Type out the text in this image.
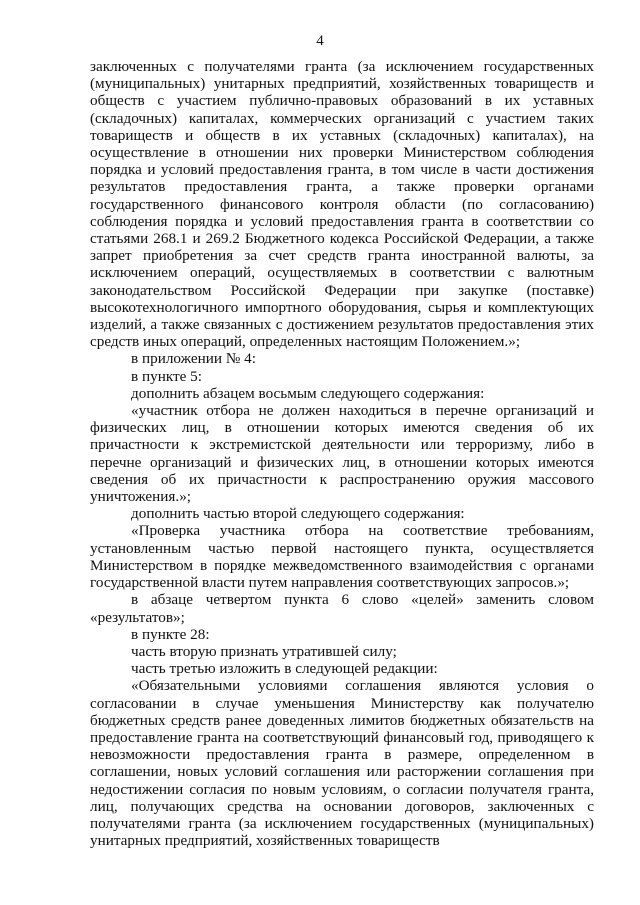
4

заключенных с получателями гранта (за исключением государственных (муниципальных) унитарных предприятий, хозяйственных товариществ и обществ с участием публично-правовых образований в их уставных (складочных) капиталах, коммерческих организаций с участием таких товариществ и обществ в их уставных (складочных) капиталах), на осуществление в отношении них проверки Министерством соблюдения порядка и условий предоставления гранта, в том числе в части достижения результатов предоставления гранта, а также проверки органами государственного финансового контроля области (по согласованию) соблюдения порядка и условий предоставления гранта в соответствии со статьями 268.1 и 269.2 Бюджетного кодекса Российской Федерации, а также запрет приобретения за счет средств гранта иностранной валюты, за исключением операций, осуществляемых в соответствии с валютным законодательством Российской Федерации при закупке (поставке) высокотехнологичного импортного оборудования, сырья и комплектующих изделий, а также связанных с достижением результатов предоставления этих средств иных операций, определенных настоящим Положением.»;

в приложении № 4:

в пункте 5:

дополнить абзацем восьмым следующего содержания:

«участник отбора не должен находиться в перечне организаций и физических лиц, в отношении которых имеются сведения об их причастности к экстремистской деятельности или терроризму, либо в перечне организаций и физических лиц, в отношении которых имеются сведения об их причастности к распространению оружия массового уничтожения.»;

дополнить частью второй следующего содержания:

«Проверка участника отбора на соответствие требованиям, установленным частью первой настоящего пункта, осуществляется Министерством в порядке межведомственного взаимодействия с органами государственной власти путем направления соответствующих запросов.»;

в абзаце четвертом пункта 6 слово «целей» заменить словом «результатов»;

в пункте 28:

часть вторую признать утратившей силу;

часть третью изложить в следующей редакции:

«Обязательными условиями соглашения являются условия о согласовании в случае уменьшения Министерству как получателю бюджетных средств ранее доведенных лимитов бюджетных обязательств на предоставление гранта на соответствующий финансовый год, приводящего к невозможности предоставления гранта в размере, определенном в соглашении, новых условий соглашения или расторжении соглашения при недостижении согласия по новым условиям, о согласии получателя гранта, лиц, получающих средства на основании договоров, заключенных с получателями гранта (за исключением государственных (муниципальных) унитарных предприятий, хозяйственных товариществ
